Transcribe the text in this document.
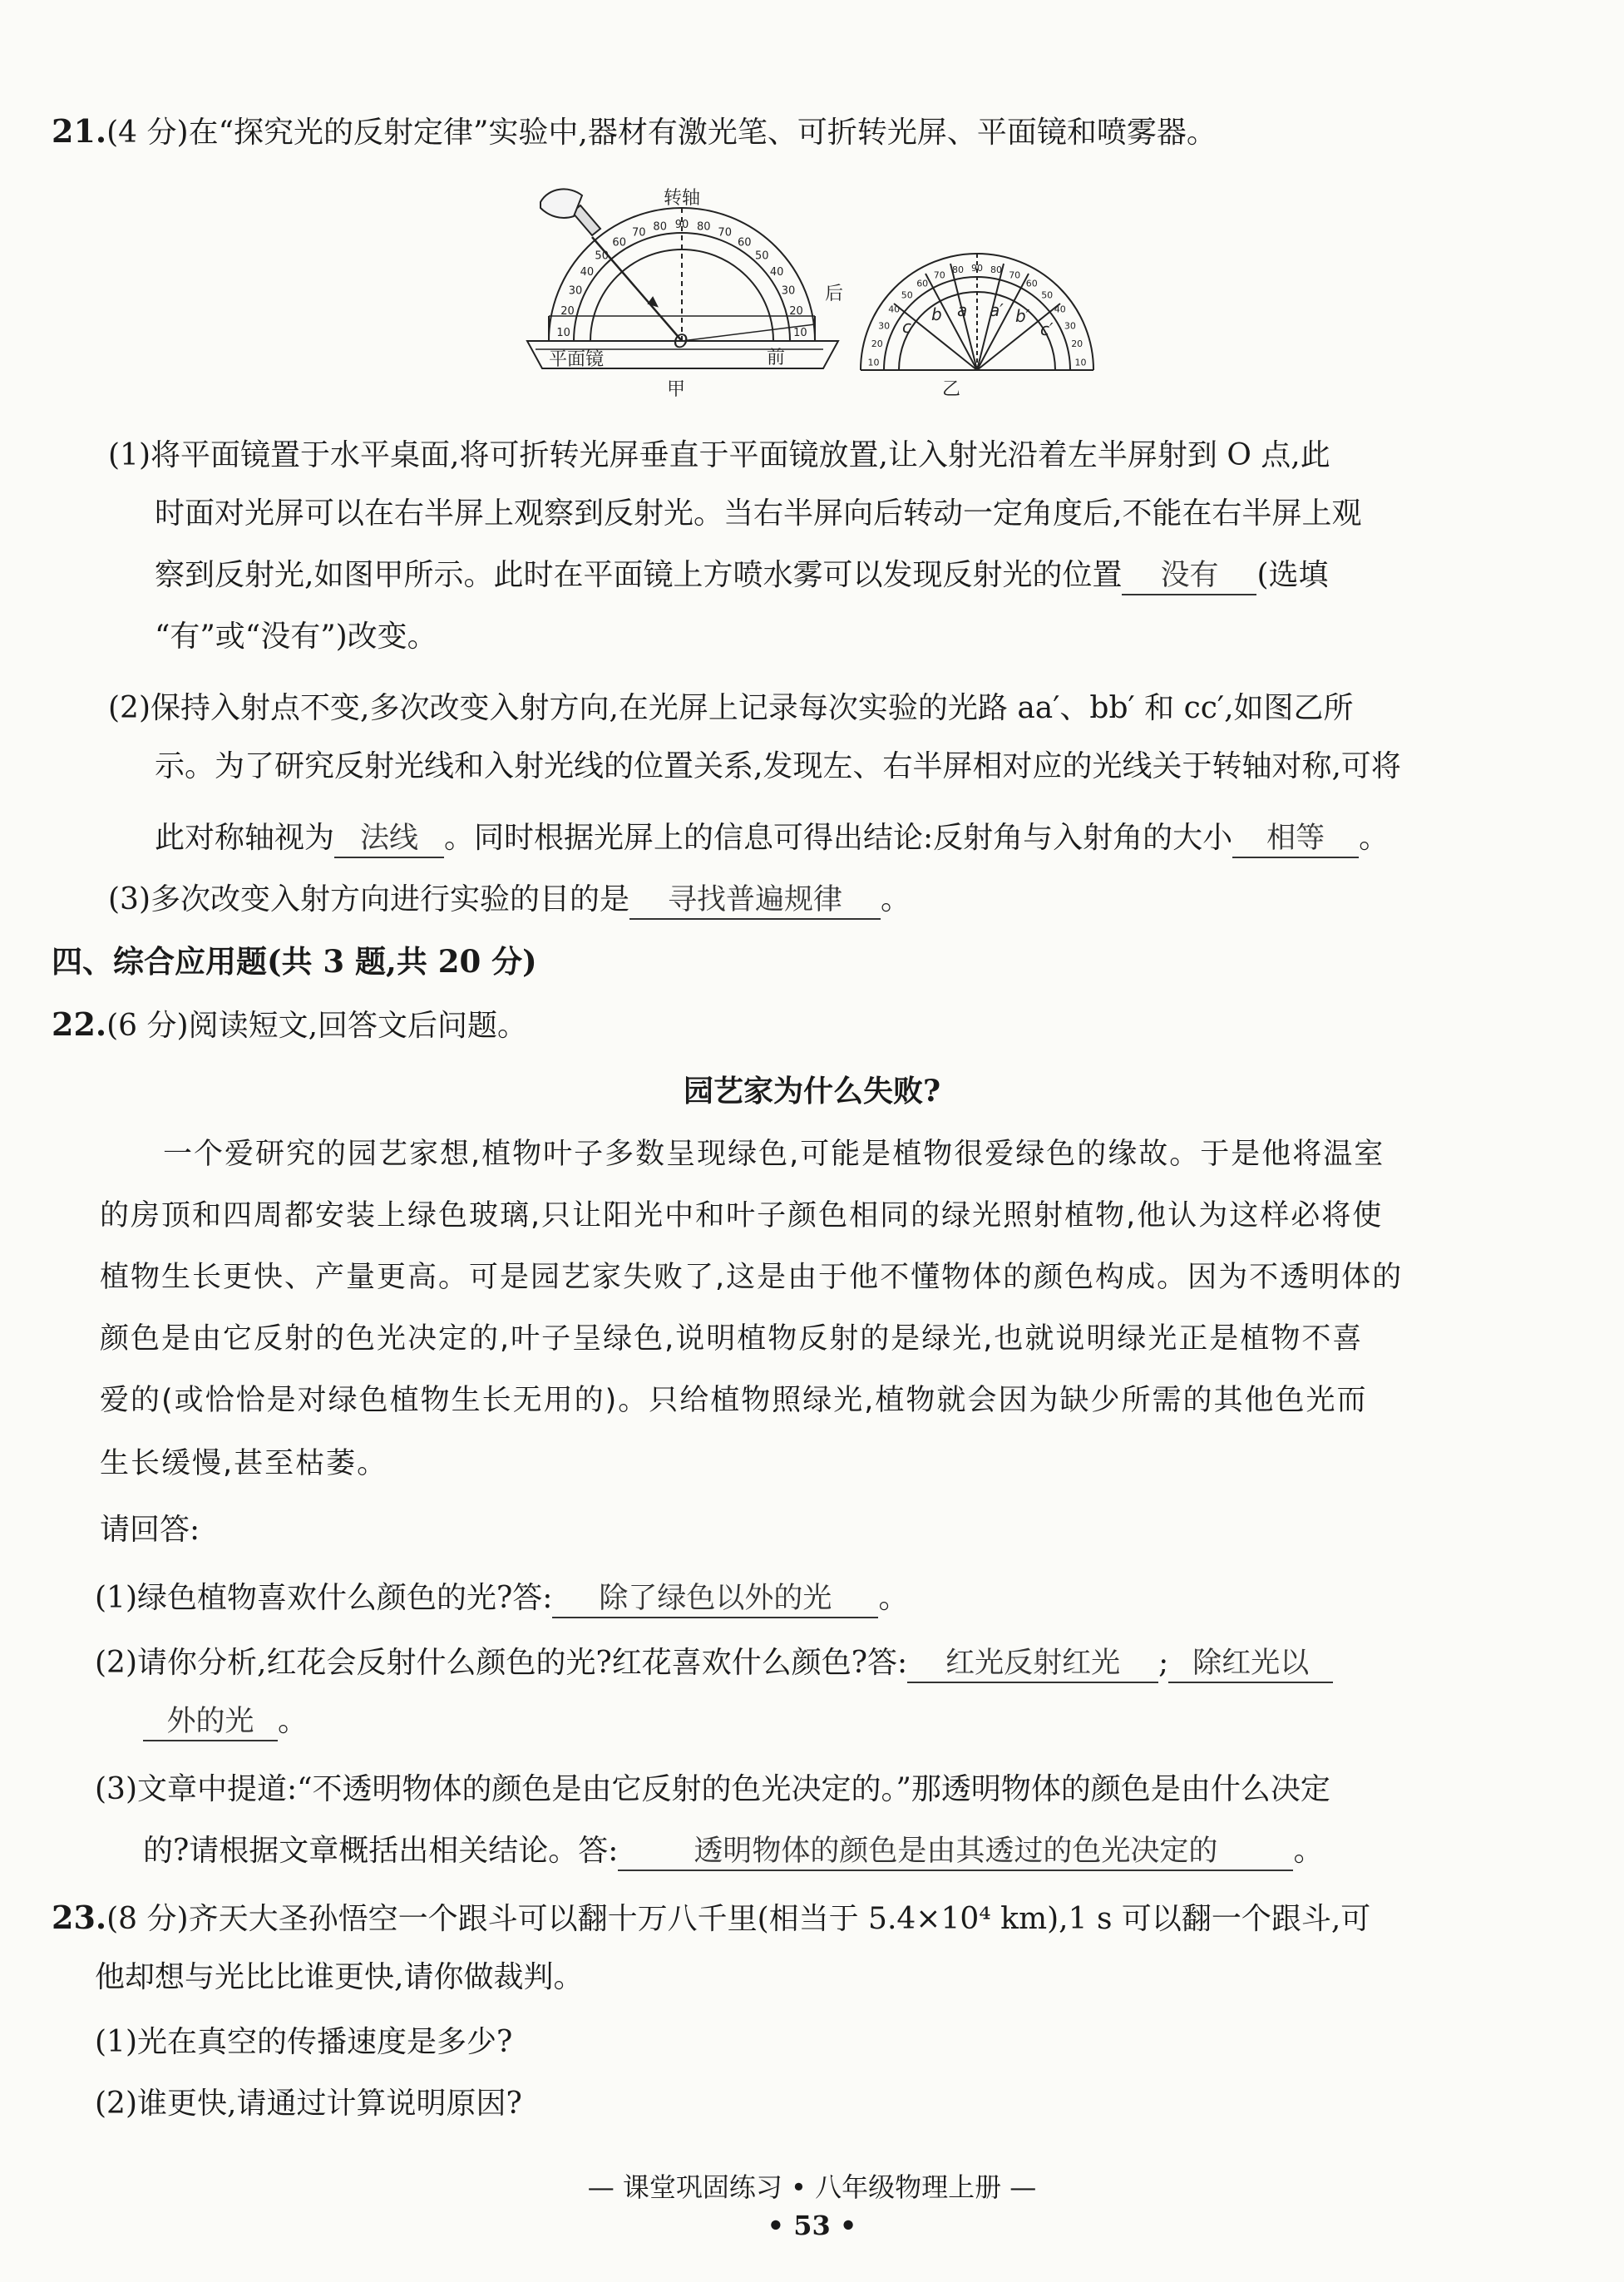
21.(4 分)在“探究光的反射定律”实验中,器材有激光笔、可折转光屏、平面镜和喷雾器。
转轴
后
前
平面镜
O
甲
10
20
30
40
50
60
70 80 90 80 70
60
50
40
30
20
10
乙
c
b a a′ b′
c′
10
20
30
40
50
60
70 80 90 80 70
60
50
40
30
20
10
(1)将平面镜置于水平桌面,将可折转光屏垂直于平面镜放置,让入射光沿着左半屏射到 O 点,此
时面对光屏可以在右半屏上观察到反射光。当右半屏向后转动一定角度后,不能在右半屏上观
察到反射光,如图甲所示。此时在平面镜上方喷水雾可以发现反射光的位置 没有 (选填
“有”或“没有”)改变。
(2)保持入射点不变,多次改变入射方向,在光屏上记录每次实验的光路 aa′、bb′ 和 cc′,如图乙所
示。为了研究反射光线和入射光线的位置关系,发现左、右半屏相对应的光线关于转轴对称,可将
此对称轴视为 法线 。同时根据光屏上的信息可得出结论:反射角与入射角的大小 相等 。
(3)多次改变入射方向进行实验的目的是 寻找普遍规律 。
四、综合应用题(共 3 题,共 20 分)
22.(6 分)阅读短文,回答文后问题。
园艺家为什么失败?
一个爱研究的园艺家想,植物叶子多数呈现绿色,可能是植物很爱绿色的缘故。于是他将温室
的房顶和四周都安装上绿色玻璃,只让阳光中和叶子颜色相同的绿光照射植物,他认为这样必将使
植物生长更快、产量更高。可是园艺家失败了,这是由于他不懂物体的颜色构成。因为不透明体的
颜色是由它反射的色光决定的,叶子呈绿色,说明植物反射的是绿光,也就说明绿光正是植物不喜
爱的(或恰恰是对绿色植物生长无用的)。只给植物照绿光,植物就会因为缺少所需的其他色光而
生长缓慢,甚至枯萎。
请回答:
(1)绿色植物喜欢什么颜色的光?答: 除了绿色以外的光 。
(2)请你分析,红花会反射什么颜色的光?红花喜欢什么颜色?答: 红光反射红光 ; 除红光以
外的光 。
(3)文章中提道:“不透明物体的颜色是由它反射的色光决定的。”那透明物体的颜色是由什么决定
的?请根据文章概括出相关结论。答:	透明物体的颜色是由其透过的色光决定的	。
23.(8 分)齐天大圣孙悟空一个跟斗可以翻十万八千里(相当于 5.4×10⁴ km),1 s 可以翻一个跟斗,可
他却想与光比比谁更快,请你做裁判。
(1)光在真空的传播速度是多少?
(2)谁更快,请通过计算说明原因?
— 课堂巩固练习 • 八年级物理上册 —
• 53 •
